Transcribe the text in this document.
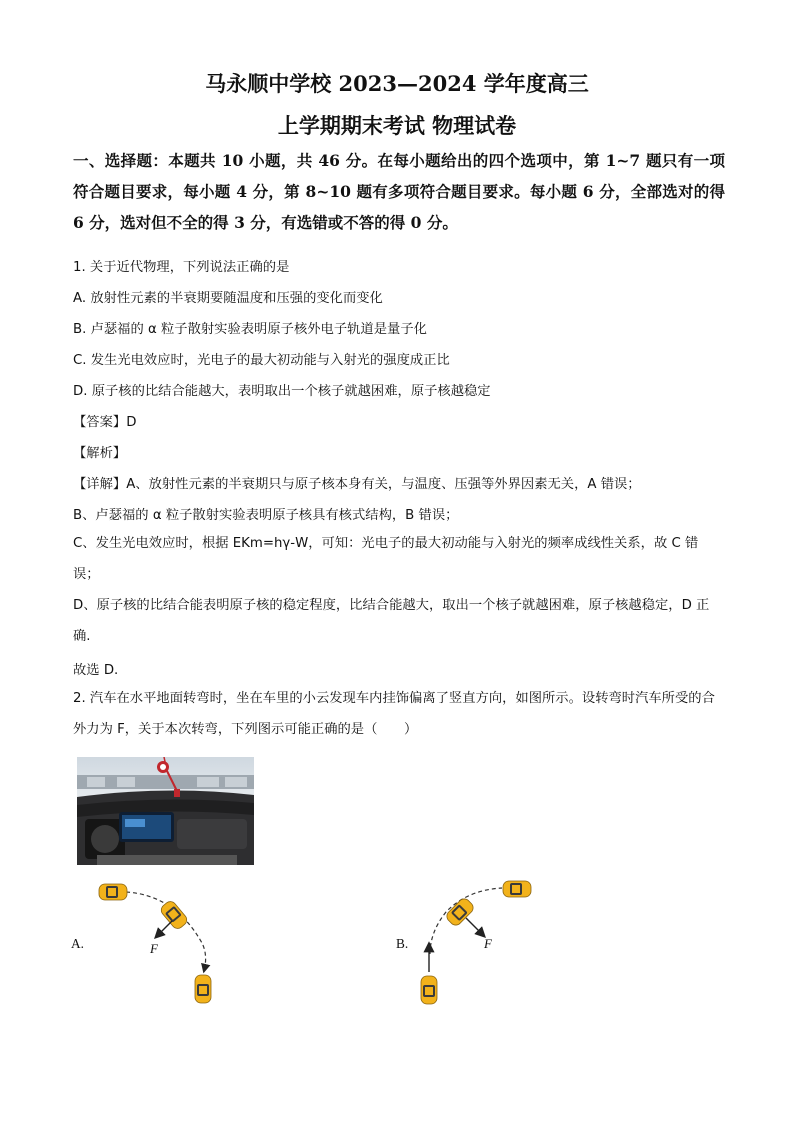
马永顺中学校 2023—2024 学年度高三
上学期期末考试 物理试卷
一、选择题：本题共 10 小题，共 46 分。在每小题给出的四个选项中，第 1~7 题只有一项符合题目要求，每小题 4 分，第 8~10 题有多项符合题目要求。每小题 6 分，全部选对的得 6 分，选对但不全的得 3 分，有选错或不答的得 0 分。
1. 关于近代物理，下列说法正确的是
A. 放射性元素的半衰期要随温度和压强的变化而变化
B. 卢瑟福的 α 粒子散射实验表明原子核外电子轨道是量子化
C. 发生光电效应时，光电子的最大初动能与入射光的强度成正比
D. 原子核的比结合能越大，表明取出一个核子就越困难，原子核越稳定
【答案】D
【解析】
【详解】A、放射性元素的半衰期只与原子核本身有关，与温度、压强等外界因素无关，A 错误；
B、卢瑟福的 α 粒子散射实验表明原子核具有核式结构，B 错误；
C、发生光电效应时，根据 EKm=hγ-W，可知：光电子的最大初动能与入射光的频率成线性关系，故 C 错误；
D、原子核的比结合能表明原子核的稳定程度，比结合能越大，取出一个核子就越困难，原子核越稳定，D 正确.
故选 D.
2. 汽车在水平地面转弯时，坐在车里的小云发现车内挂饰偏离了竖直方向，如图所示。设转弯时汽车所受的合外力为 F，关于本次转弯，下列图示可能正确的是（　　）
A.	F	B.	F
